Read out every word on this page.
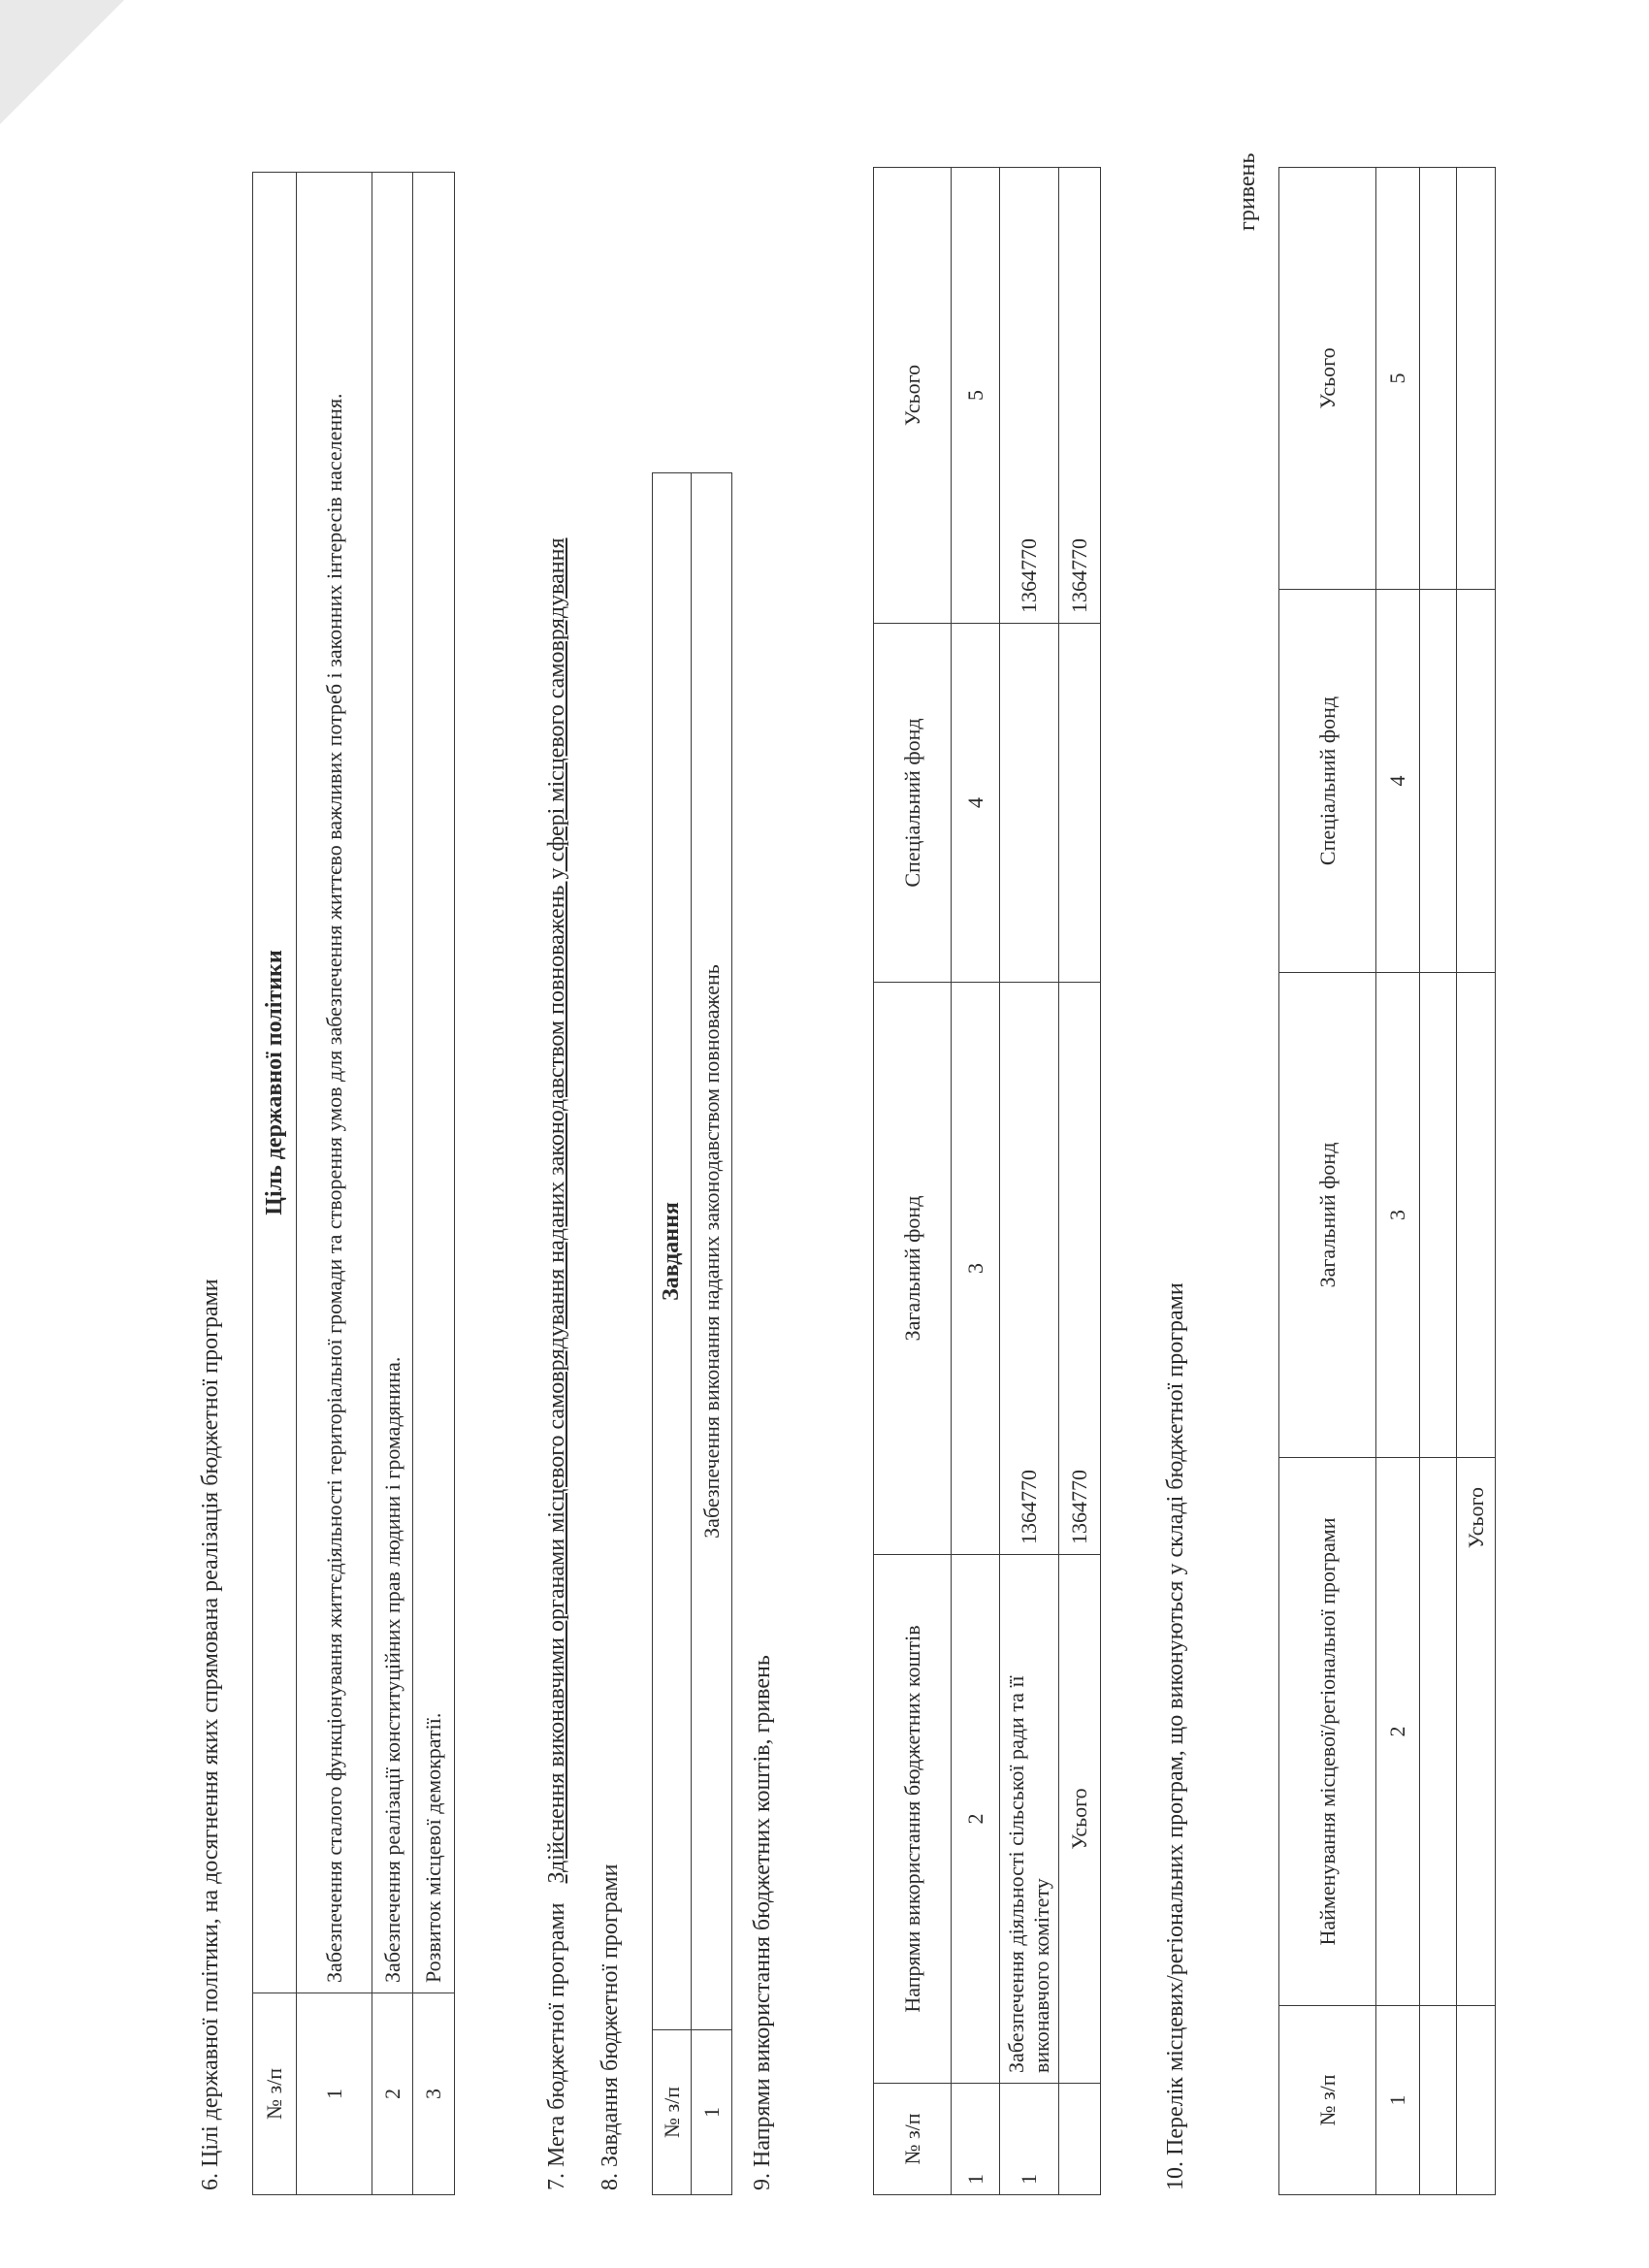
6. Цілі державної політики, на досягнення яких спрямована реалізація бюджетної програми № з/п	Ціль державної політики
1	Забезпечення сталого функціонування життєдіяльності територіальної громади та створення умов для забезпечення життєво важливих потреб і законних інтересів населення.
2	Забезпечення реалізації конституційних прав людини і громадянина.
3	Розвиток місцевої демократії.
7. Мета бюджетної програми Здійснення виконавчими органами місцевого самоврядування наданих законодавством повноважень у сфері місцевого самоврядування
8. Завдання бюджетної програми № з/п	Завдання
1	Забезпечення виконання наданих законодавством повноважень
9. Напрями використання бюджетних коштів, гривень	№ з/п	Напрями використання бюджетних коштів	Загальний фонд	Спеціальний фонд	Усього
1	2	3	4	5
1	Забезпечення діяльності сільської ради та її виконавчого комітету	1364770		1364770
	Усього	1364770		1364770
10. Перелік місцевих/регіональних програм, що виконуються у складі бюджетної програми
гривень
№ з/п	Найменування місцевої/регіональної програми	Загальний фонд	Спеціальний фонд	Усього
1	2	3	4	5

	Усього			
